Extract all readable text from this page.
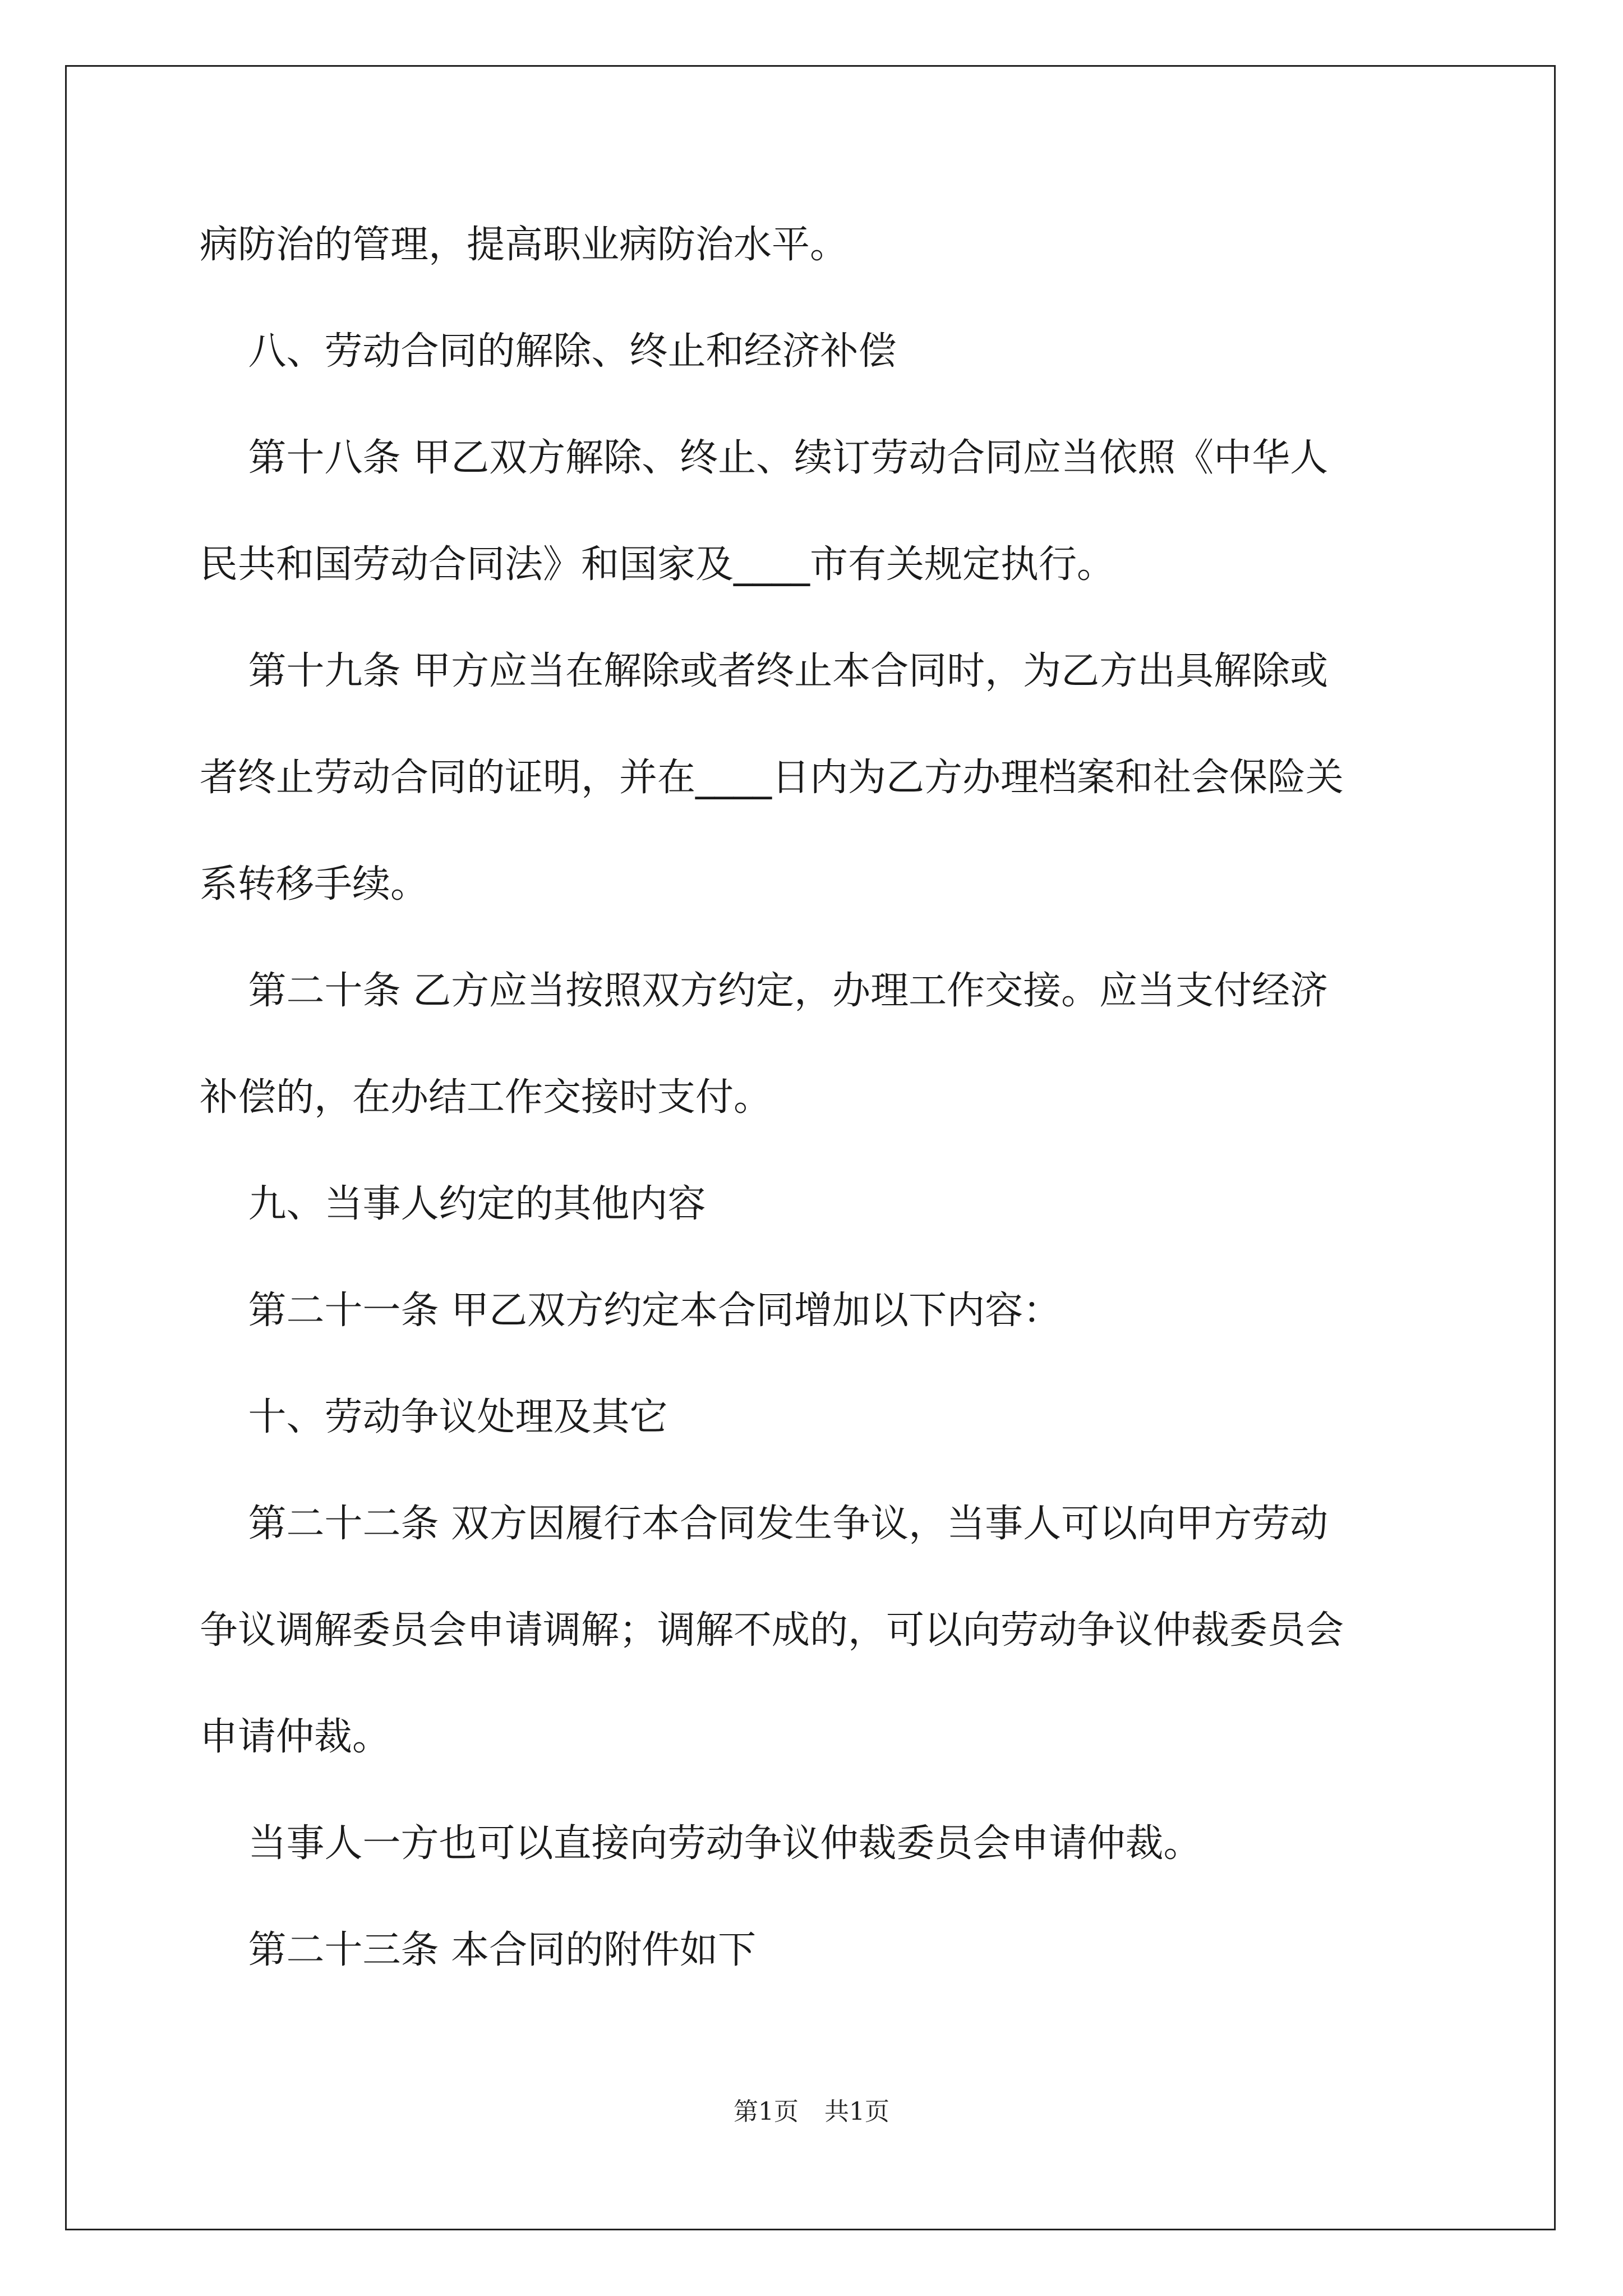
病防治的管理，提高职业病防治水平。

八、劳动合同的解除、终止和经济补偿

第十八条 甲乙双方解除、终止、续订劳动合同应当依照《中华人

民共和国劳动合同法》和国家及____市有关规定执行。

第十九条 甲方应当在解除或者终止本合同时，为乙方出具解除或

者终止劳动合同的证明，并在____日内为乙方办理档案和社会保险关

系转移手续。

第二十条 乙方应当按照双方约定，办理工作交接。应当支付经济

补偿的，在办结工作交接时支付。

九、当事人约定的其他内容

第二十一条 甲乙双方约定本合同增加以下内容：

十、劳动争议处理及其它

第二十二条 双方因履行本合同发生争议，当事人可以向甲方劳动

争议调解委员会申请调解；调解不成的，可以向劳动争议仲裁委员会

申请仲裁。

当事人一方也可以直接向劳动争议仲裁委员会申请仲裁。

第二十三条 本合同的附件如下

第1页 共1页
